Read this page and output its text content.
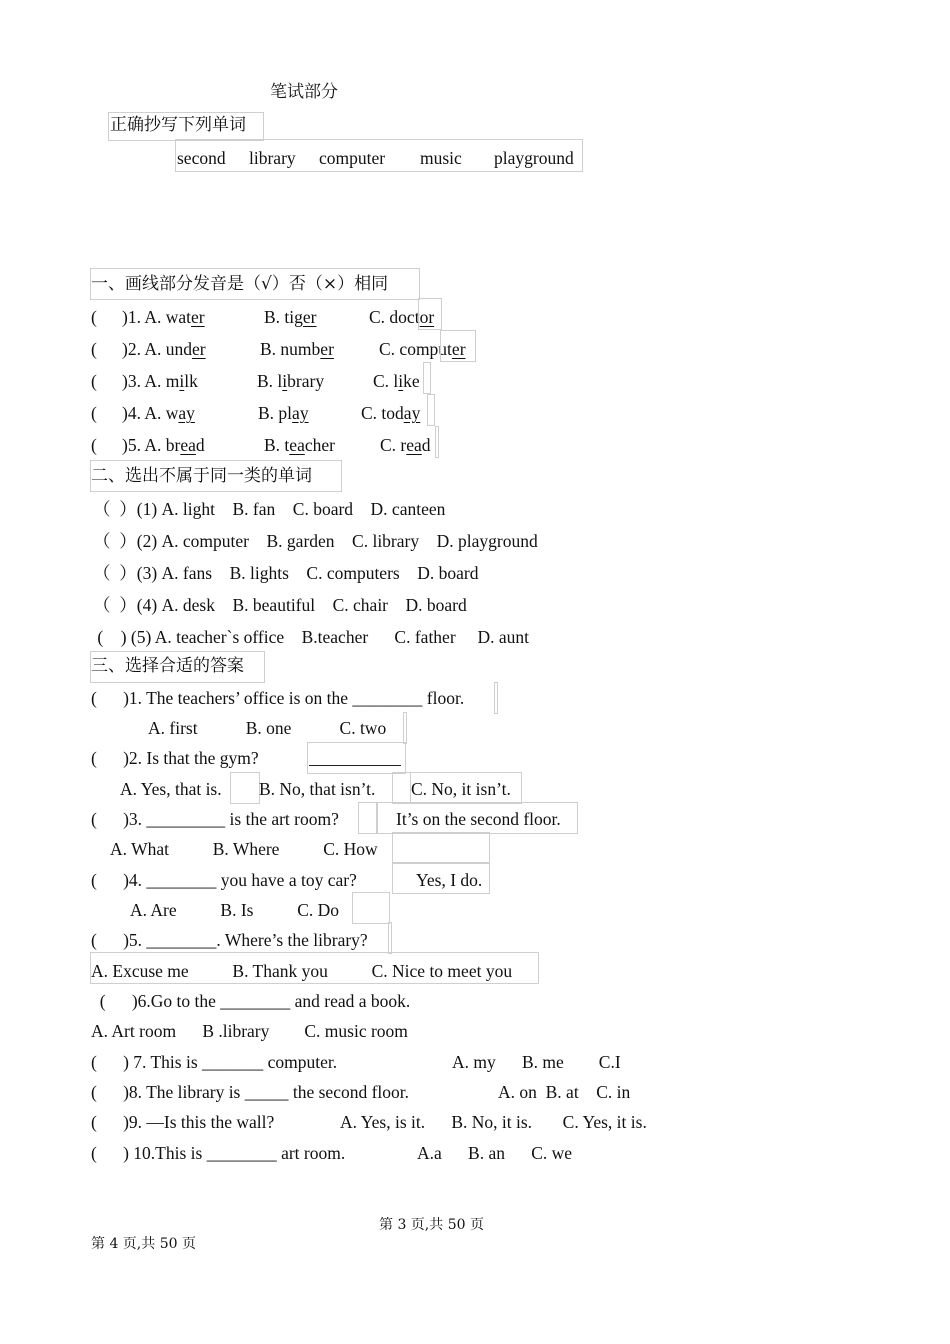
笔试部分
正确抄写下列单词
second library computer music playground
一、画线部分发音是（√）否（×）相同
( )1. A. water	B. tiger	C. doctor
( )2. A. under	B. number	C. computer
( )3. A. milk	B. library	C. like
( )4. A. way	B. play	C. today
( )5. A. bread	B. teacher	C. read
二、选出不属于同一类的单词
（  ）(1) A. light    B. fan    C. board    D. canteen
（  ）(2) A. computer    B. garden    C. library    D. playground
（  ）(3) A. fans    B. lights    C. computers    D. board
（  ）(4) A. desk    B. beautiful    C. chair    D. board
(    ) (5) A. teacher`s office    B.teacher      C. father     D. aunt
三、选择合适的答案
(      )1. The teachers’ office is on the ________ floor.
A. first           B. one           C. two
(      )2. Is that the gym?
A. Yes, that is. B. No, that isn’t. C. No, it isn’t.
(      )3. _________ is the art room?	It’s on the second floor.
A. What          B. Where          C. How
(      )4. ________ you have a toy car?	Yes, I do.
A. Are          B. Is          C. Do
(      )5. ________. Where’s the library?
A. Excuse me          B. Thank you          C. Nice to meet you
(      )6.Go to the ________ and read a book.
A. Art room      B .library        C. music room
(      ) 7. This is _______ computer.	A. my      B. me        C.I
(      )8. The library is _____ the second floor.	A. on  B. at    C. in
(      )9. —Is this the wall?	A. Yes, is it.      B. No, it is.       C. Yes, it is.
(      ) 10.This is ________ art room.	A.a      B. an      C. we
第 3 页,共 50 页
第 4 页,共 50 页
